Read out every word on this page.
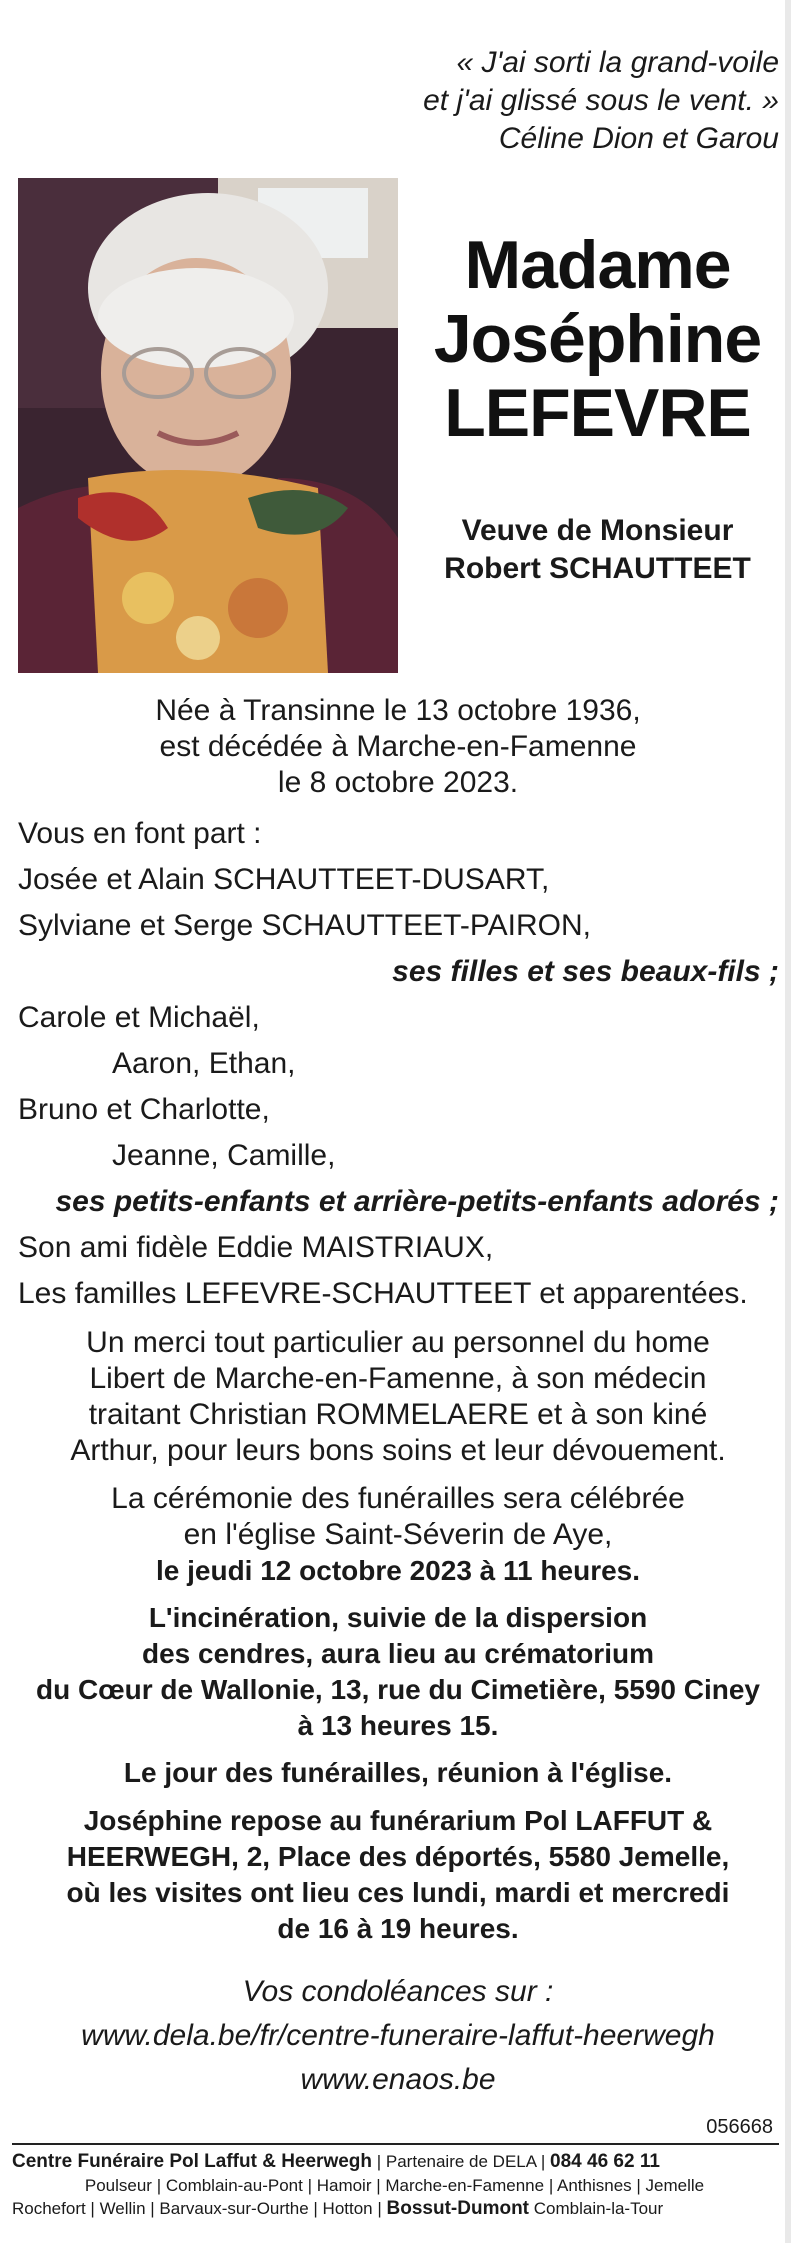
« J'ai sorti la grand-voile
et j'ai glissé sous le vent. »
Céline Dion et Garou
Madame
Joséphine
LEFEVRE
Veuve de Monsieur
Robert SCHAUTTEET
Née à Transinne le 13 octobre 1936,
est décédée à Marche-en-Famenne
le 8 octobre 2023.
Vous en font part :
Josée et Alain SCHAUTTEET-DUSART,
Sylviane et Serge SCHAUTTEET-PAIRON,
ses filles et ses beaux-fils ;
Carole et Michaël,
Aaron, Ethan,
Bruno et Charlotte,
Jeanne, Camille,
ses petits-enfants et arrière-petits-enfants adorés ;
Son ami fidèle Eddie MAISTRIAUX,
Les familles LEFEVRE-SCHAUTTEET et apparentées.
Un merci tout particulier au personnel du home
Libert de Marche-en-Famenne, à son médecin
traitant Christian ROMMELAERE et à son kiné
Arthur, pour leurs bons soins et leur dévouement.
La cérémonie des funérailles sera célébrée
en l'église Saint-Séverin de Aye,
le jeudi 12 octobre 2023 à 11 heures.
L'incinération, suivie de la dispersion
des cendres, aura lieu au crématorium
du Cœur de Wallonie, 13, rue du Cimetière, 5590 Ciney
à 13 heures 15.
Le jour des funérailles, réunion à l'église.
Joséphine repose au funérarium Pol LAFFUT &
HEERWEGH, 2, Place des déportés, 5580 Jemelle,
où les visites ont lieu ces lundi, mardi et mercredi
de 16 à 19 heures.
Vos condoléances sur :
www.dela.be/fr/centre-funeraire-laffut-heerwegh
www.enaos.be
056668
Centre Funéraire Pol Laffut & Heerwegh | Partenaire de DELA | 084 46 62 11
Poulseur | Comblain-au-Pont | Hamoir | Marche-en-Famenne | Anthisnes | Jemelle
Rochefort | Wellin | Barvaux-sur-Ourthe | Hotton | Bossut-Dumont Comblain-la-Tour
